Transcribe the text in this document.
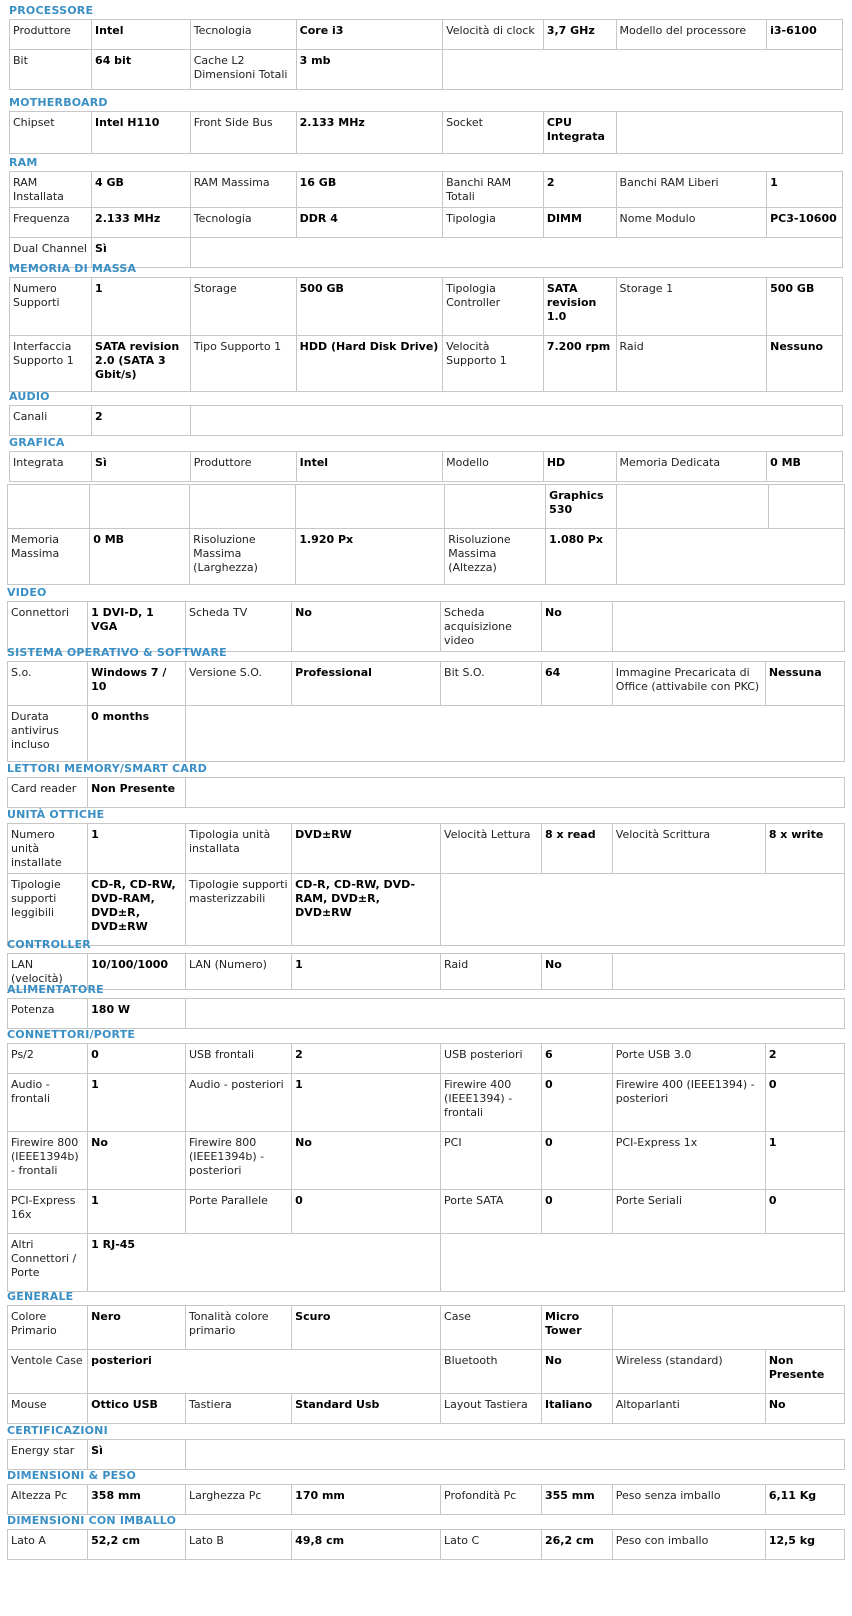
PROCESSORE
Produttore	Intel	Tecnologia	Core i3	Velocità di clock	3,7 GHz	Modello del processore	i3-6100
Bit	64 bit	Cache L2 Dimensioni Totali	3 mb				
MOTHERBOARD
Chipset	Intel H110	Front Side Bus	2.133 MHz	Socket	CPU Integrata	
RAM
RAM Installata	4 GB	RAM Massima	16 GB	Banchi RAM Totali	2	Banchi RAM Liberi	1
Frequenza	2.133 MHz	Tecnologia	DDR 4	Tipologia	DIMM	Nome Modulo	PC3-10600
Dual Channel	Sì						
MEMORIA DI MASSA
Numero Supporti	1	Storage	500 GB	Tipologia Controller	SATA revision 1.0	Storage 1	500 GB
Interfaccia Supporto 1	SATA revision 2.0 (SATA 3 Gbit/s)	Tipo Supporto 1	HDD (Hard Disk Drive)	Velocità Supporto 1	7.200 rpm	Raid	Nessuno
AUDIO
Canali	2	
GRAFICA
Integrata	Sì	Produttore	Intel	Modello	HD	Memoria Dedicata	0 MB
					Graphics 530		
Memoria Massima	0 MB	Risoluzione Massima (Larghezza)	1.920 Px	Risoluzione Massima (Altezza)	1.080 Px		
VIDEO
Connettori	1 DVI-D, 1 VGA	Scheda TV	No	Scheda acquisizione video	No	
SISTEMA OPERATIVO & SOFTWARE
S.o.	Windows 7 / 10	Versione S.O.	Professional	Bit S.O.	64	Immagine Precaricata di Office (attivabile con PKC)	Nessuna
Durata antivirus incluso	0 months						
LETTORI MEMORY/SMART CARD
Card reader	Non Presente	
UNITÀ OTTICHE
Numero unità installate	1	Tipologia unità installata	DVD±RW	Velocità Lettura	8 x read	Velocità Scrittura	8 x write
Tipologie supporti leggibili	CD-R, CD-RW, DVD-RAM, DVD±R, DVD±RW	Tipologie supporti masterizzabili	CD-R, CD-RW, DVD-RAM, DVD±R, DVD±RW				
CONTROLLER
LAN (velocità)	10/100/1000	LAN (Numero)	1	Raid	No	
ALIMENTATORE
Potenza	180 W	
CONNETTORI/PORTE
Ps/2	0	USB frontali	2	USB posteriori	6	Porte USB 3.0	2
Audio - frontali	1	Audio - posteriori	1	Firewire 400 (IEEE1394) - frontali	0	Firewire 400 (IEEE1394) - posteriori	0
Firewire 800 (IEEE1394b) - frontali	No	Firewire 800 (IEEE1394b) - posteriori	No	PCI	0	PCI-Express 1x	1
PCI-Express 16x	1	Porte Parallele	0	Porte SATA	0	Porte Seriali	0
Altri Connettori / Porte	1 RJ-45						
GENERALE
Colore Primario	Nero	Tonalità colore primario	Scuro	Case	Micro Tower		
Ventole Case	posteriori			Bluetooth	No	Wireless (standard)	Non Presente
Mouse	Ottico USB	Tastiera	Standard Usb	Layout Tastiera	Italiano	Altoparlanti	No
CERTIFICAZIONI
Energy star	Sì	
DIMENSIONI & PESO
Altezza Pc	358 mm	Larghezza Pc	170 mm	Profondità Pc	355 mm	Peso senza imballo	6,11 Kg
DIMENSIONI CON IMBALLO
Lato A	52,2 cm	Lato B	49,8 cm	Lato C	26,2 cm	Peso con imballo	12,5 kg
